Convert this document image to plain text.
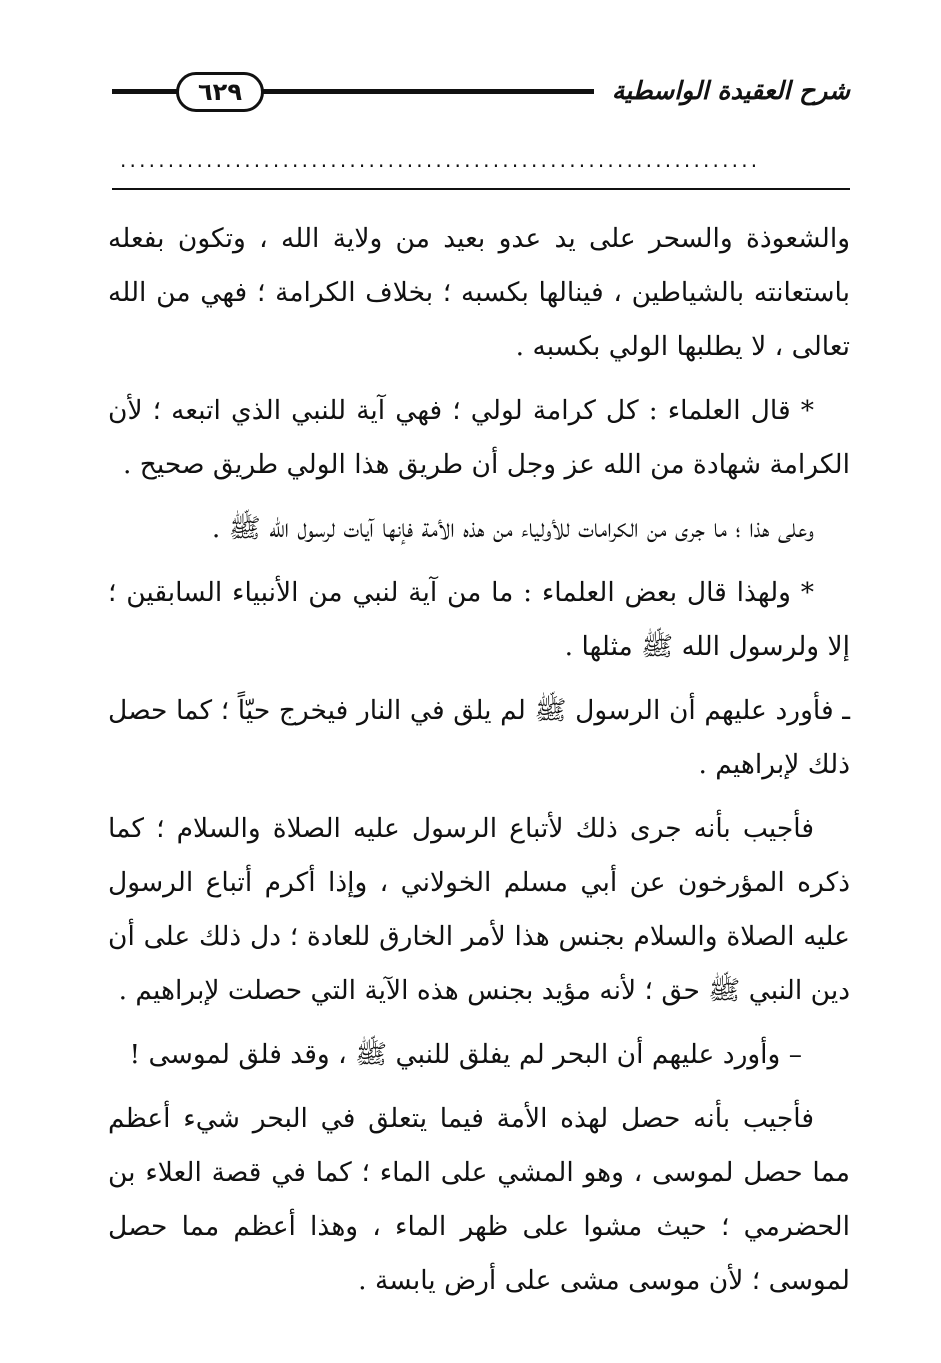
٦٢٩	شرح العقيدة الواسطية
...................................................................

والشعوذة والسحر على يد عدو بعيد من ولاية الله ، وتكون بفعله باستعانته بالشياطين ، فينالها بكسبه ؛ بخلاف الكرامة ؛ فهي من الله تعالى ، لا يطلبها الولي بكسبه .

* قال العلماء : كل كرامة لولي ؛ فهي آية للنبي الذي اتبعه ؛ لأن الكرامة شهادة من الله عز وجل أن طريق هذا الولي طريق صحيح .

وعلى هذا ؛ ما جرى من الكرامات للأولياء من هذه الأمة فإنها آيات لرسول الله ﷺ .

* ولهذا قال بعض العلماء : ما من آية لنبي من الأنبياء السابقين ؛ إلا ولرسول الله ﷺ مثلها .

ـ فأورد عليهم أن الرسول ﷺ لم يلق في النار فيخرج حيّاً ؛ كما حصل ذلك لإبراهيم .

فأجيب بأنه جرى ذلك لأتباع الرسول عليه الصلاة والسلام ؛ كما ذكره المؤرخون عن أبي مسلم الخولاني ، وإذا أكرم أتباع الرسول عليه الصلاة والسلام بجنس هذا لأمر الخارق للعادة ؛ دل ذلك على أن دين النبي ﷺ حق ؛ لأنه مؤيد بجنس هذه الآية التي حصلت لإبراهيم .

– وأورد عليهم أن البحر لم يفلق للنبي ﷺ ، وقد فلق لموسى !

فأجيب بأنه حصل لهذه الأمة فيما يتعلق في البحر شيء أعظم مما حصل لموسى ، وهو المشي على الماء ؛ كما في قصة العلاء بن الحضرمي ؛ حيث مشوا على ظهر الماء ، وهذا أعظم مما حصل لموسى ؛ لأن موسى مشى على أرض يابسة .
